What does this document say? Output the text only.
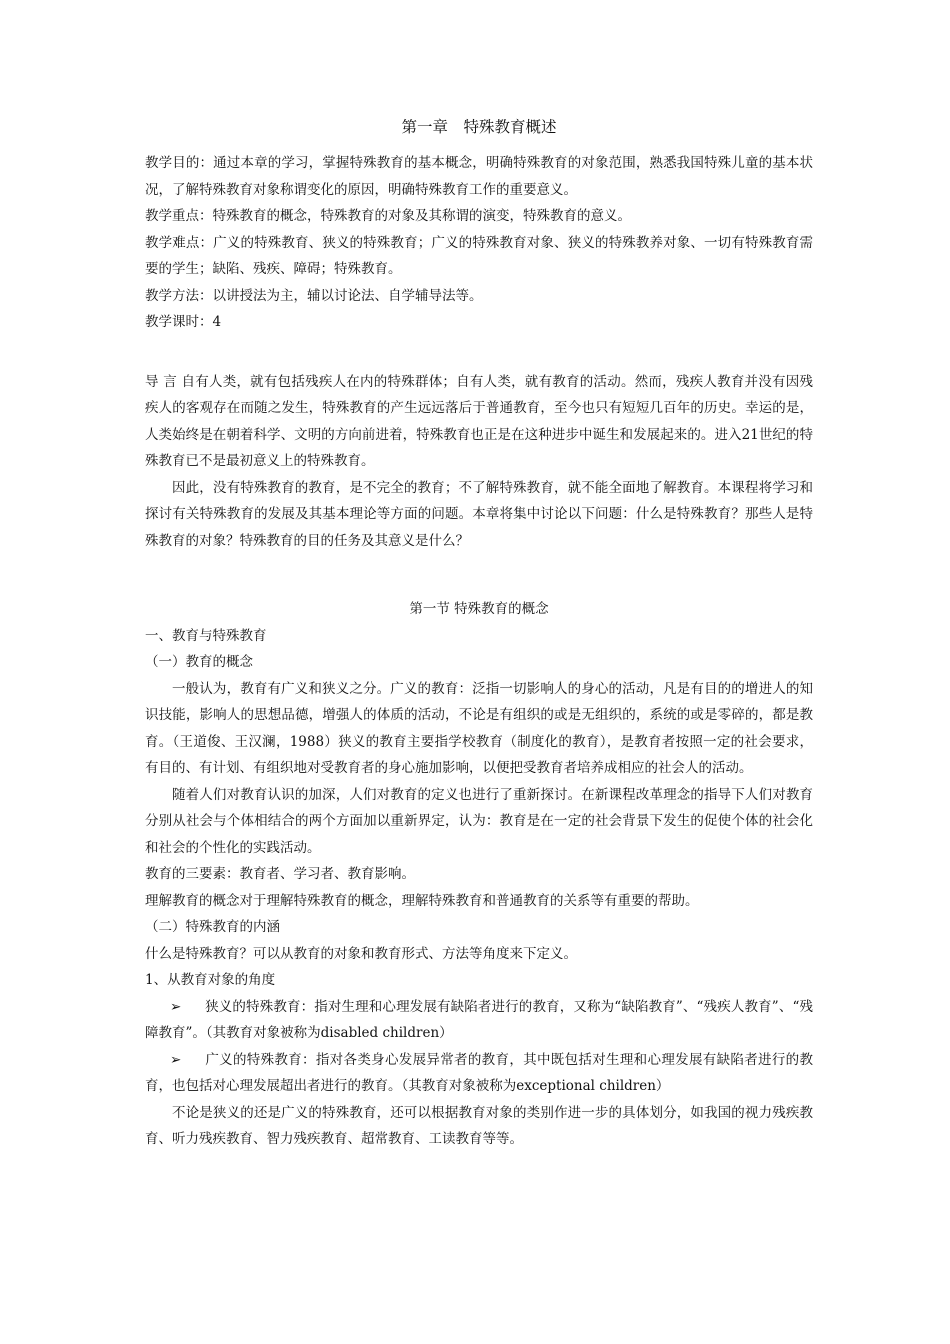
第一章　特殊教育概述

教学目的：通过本章的学习，掌握特殊教育的基本概念，明确特殊教育的对象范围，熟悉我国特殊儿童的基本状况，了解特殊教育对象称谓变化的原因，明确特殊教育工作的重要意义。

教学重点：特殊教育的概念，特殊教育的对象及其称谓的演变，特殊教育的意义。

教学难点：广义的特殊教育、狭义的特殊教育；广义的特殊教育对象、狭义的特殊教养对象、一切有特殊教育需要的学生；缺陷、残疾、障碍；特殊教育。

教学方法：以讲授法为主，辅以讨论法、自学辅导法等。

教学课时：4

导 言 自有人类，就有包括残疾人在内的特殊群体；自有人类，就有教育的活动。然而，残疾人教育并没有因残疾人的客观存在而随之发生，特殊教育的产生远远落后于普通教育，至今也只有短短几百年的历史。幸运的是，人类始终是在朝着科学、文明的方向前进着，特殊教育也正是在这种进步中诞生和发展起来的。进入21世纪的特殊教育已不是最初意义上的特殊教育。

因此，没有特殊教育的教育，是不完全的教育；不了解特殊教育，就不能全面地了解教育。本课程将学习和探讨有关特殊教育的发展及其基本理论等方面的问题。本章将集中讨论以下问题：什么是特殊教育？那些人是特殊教育的对象？特殊教育的目的任务及其意义是什么？

第一节 特殊教育的概念

一、教育与特殊教育

（一）教育的概念

一般认为，教育有广义和狭义之分。广义的教育：泛指一切影响人的身心的活动，凡是有目的的增进人的知识技能，影响人的思想品德，增强人的体质的活动，不论是有组织的或是无组织的，系统的或是零碎的，都是教育。（王道俊、王汉澜，1988）狭义的教育主要指学校教育（制度化的教育），是教育者按照一定的社会要求，有目的、有计划、有组织地对受教育者的身心施加影响，以便把受教育者培养成相应的社会人的活动。

随着人们对教育认识的加深，人们对教育的定义也进行了重新探讨。在新课程改革理念的指导下人们对教育分别从社会与个体相结合的两个方面加以重新界定，认为：教育是在一定的社会背景下发生的促使个体的社会化和社会的个性化的实践活动。

教育的三要素：教育者、学习者、教育影响。

理解教育的概念对于理解特殊教育的概念，理解特殊教育和普通教育的关系等有重要的帮助。

（二）特殊教育的内涵

什么是特殊教育？可以从教育的对象和教育形式、方法等角度来下定义。

1、从教育对象的角度

➢ 狭义的特殊教育：指对生理和心理发展有缺陷者进行的教育，又称为“缺陷教育”、“残疾人教育”、“残障教育”。（其教育对象被称为disabled children）

➢ 广义的特殊教育：指对各类身心发展异常者的教育，其中既包括对生理和心理发展有缺陷者进行的教育，也包括对心理发展超出者进行的教育。（其教育对象被称为exceptional children）

不论是狭义的还是广义的特殊教育，还可以根据教育对象的类别作进一步的具体划分，如我国的视力残疾教育、听力残疾教育、智力残疾教育、超常教育、工读教育等等。
